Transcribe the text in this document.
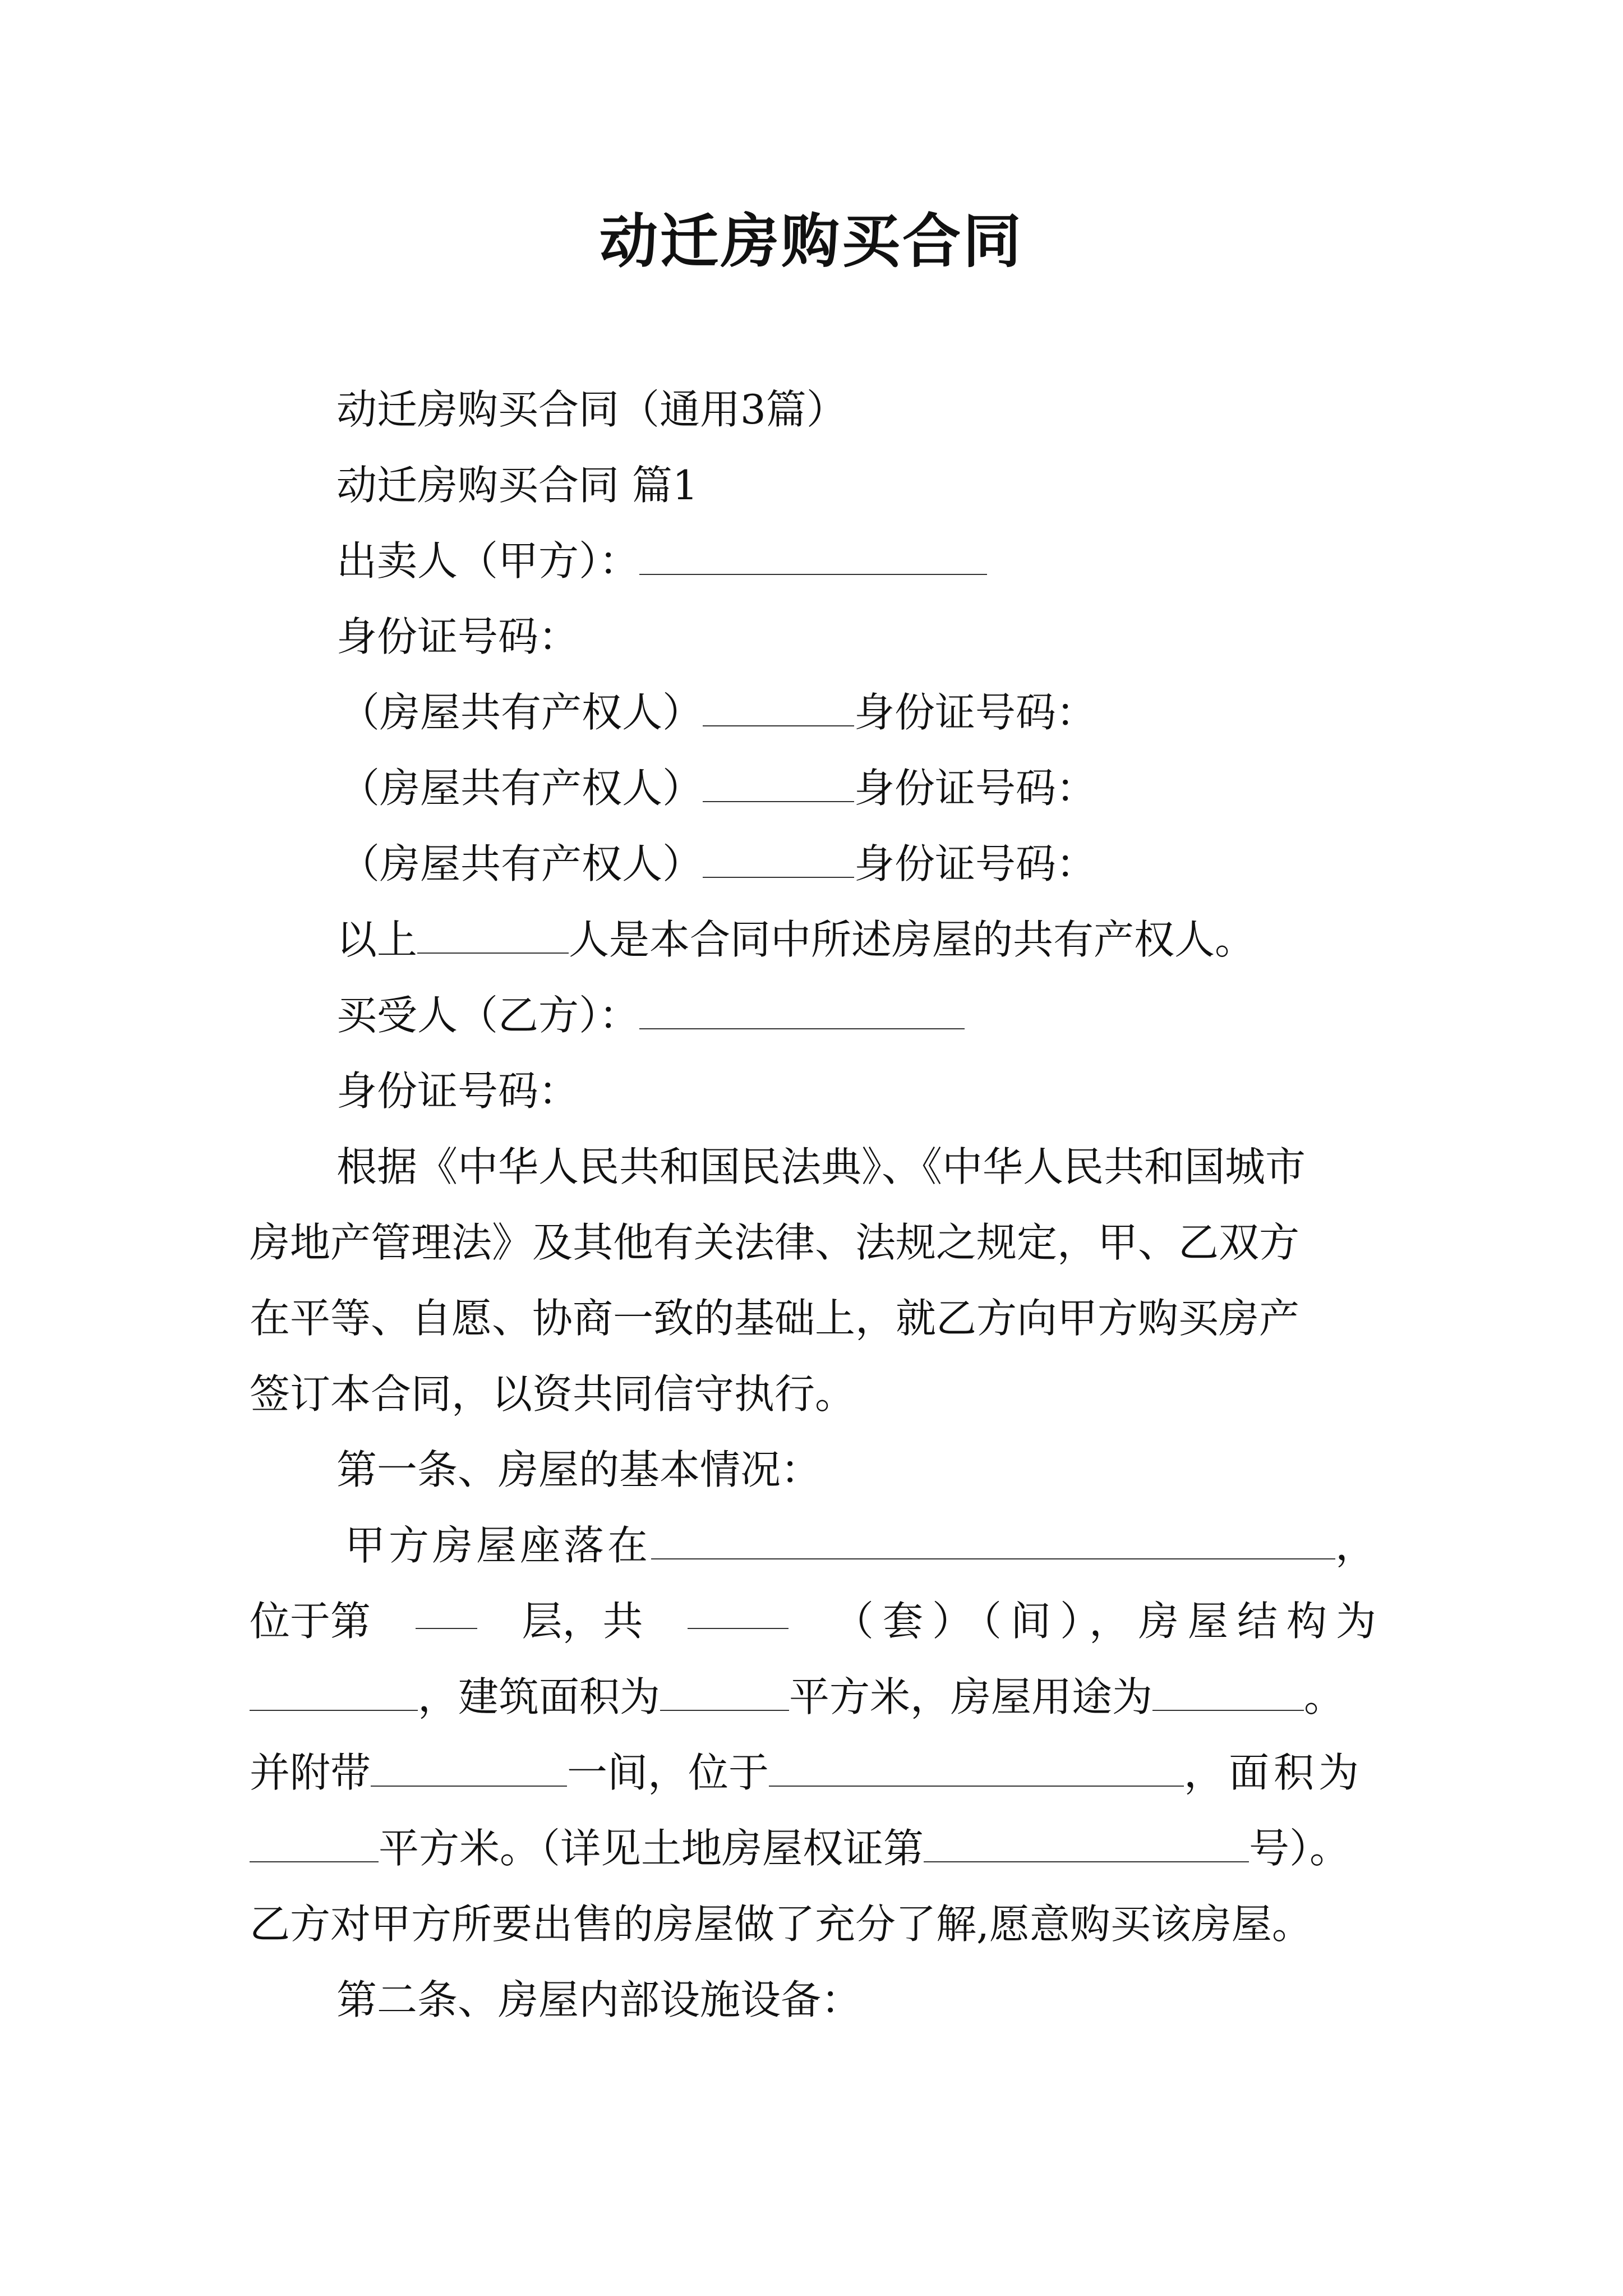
动迁房购买合同
动迁房购买合同（通用3篇）
动迁房购买合同 篇1
出卖人（甲方）：
身份证号码：
（房屋共有产权人）	身份证号码：
（房屋共有产权人）	身份证号码：
（房屋共有产权人）	身份证号码：
以上	人是本合同中所述房屋的共有产权人。
买受人（乙方）：
身份证号码：
根据《中华人民共和国民法典》、《中华人民共和国城市
房地产管理法》及其他有关法律、法规之规定，甲、乙双方
在平等、自愿、协商一致的基础上，就乙方向甲方购买房产
签订本合同，以资共同信守执行。
第一条、房屋的基本情况：
甲方房屋座落在	，
位于第	层，共	（套）（间），房屋结构为
，建筑面积为	平方米，房屋用途为	。
并附带	一间，位于	，面积为
平方米。（详见土地房屋权证第	号）。
乙方对甲方所要出售的房屋做了充分了解,愿意购买该房屋。
第二条、房屋内部设施设备：
